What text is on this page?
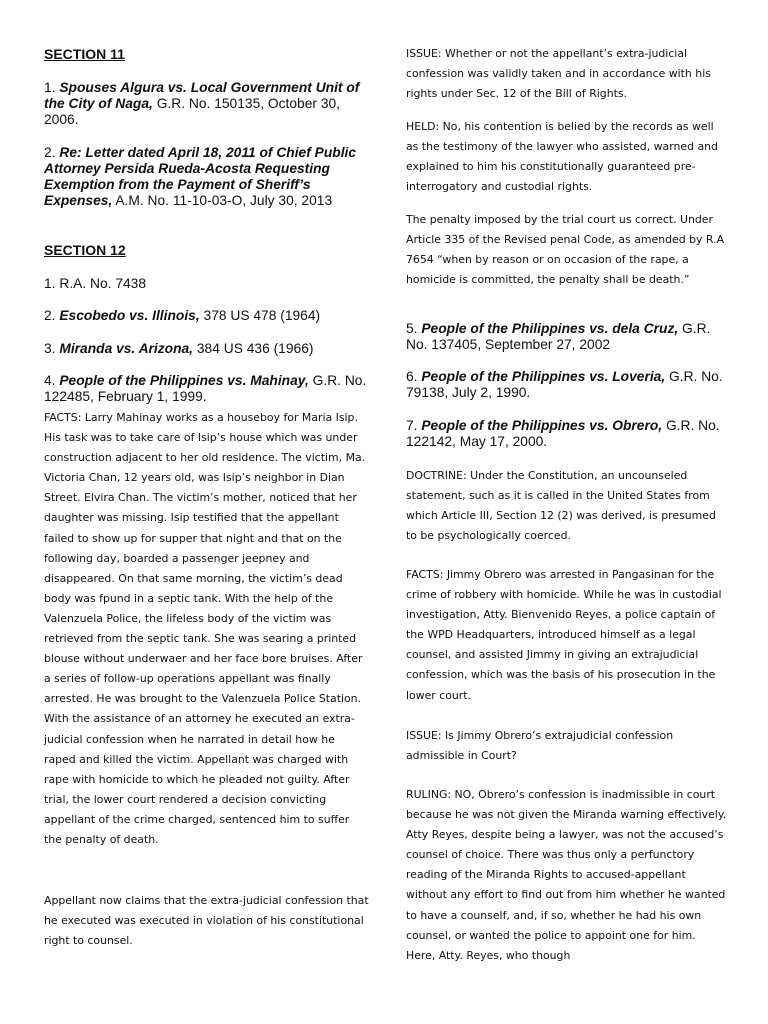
SECTION 11
1. Spouses Algura vs. Local Government Unit of the City of Naga, G.R. No. 150135, October 30, 2006.
2. Re: Letter dated April 18, 2011 of Chief Public Attorney Persida Rueda-Acosta Requesting Exemption from the Payment of Sheriff’s Expenses, A.M. No. 11-10-03-O, July 30, 2013
SECTION 12
1. R.A. No. 7438
2. Escobedo vs. Illinois, 378 US 478 (1964)
3. Miranda vs. Arizona, 384 US 436 (1966)
4. People of the Philippines vs. Mahinay, G.R. No. 122485, February 1, 1999.

FACTS: Larry Mahinay works as a houseboy for Maria Isip. His task was to take care of Isip’s house which was under construction adjacent to her old residence. The victim, Ma. Victoria Chan, 12 years old, was Isip’s neighbor in Dian Street. Elvira Chan. The victim’s mother, noticed that her daughter was missing. Isip testified that the appellant failed to show up for supper that night and that on the following day, boarded a passenger jeepney and disappeared. On that same morning, the victim’s dead body was fpund in a septic tank. With the help of the Valenzuela Police, the lifeless body of the victim was retrieved from the septic tank. She was searing a printed blouse without underwaer and her face bore bruises. After a series of follow-up operations appellant was finally arrested. He was brought to the Valenzuela Police Station. With the assistance of an attorney he executed an extra-judicial confession when he narrated in detail how he raped and killed the victim. Appellant was charged with rape with homicide to which he pleaded not guilty. After trial, the lower court rendered a decision convicting appellant of the crime charged, sentenced him to suffer the penalty of death.

Appellant now claims that the extra-judicial confession that he executed was executed in violation of his constitutional right to counsel.

ISSUE: Whether or not the appellant’s extra-judicial confession was validly taken and in accordance with his rights under Sec. 12 of the Bill of Rights.

HELD: No, his contention is belied by the records as well as the testimony of the lawyer who assisted, warned and explained to him his constitutionally guaranteed pre-interrogatory and custodial rights.

The penalty imposed by the trial court us correct. Under Article 335 of the Revised penal Code, as amended by R.A 7654 “when by reason or on occasion of the rape, a homicide is committed, the penalty shall be death.”

5. People of the Philippines vs. dela Cruz, G.R. No. 137405, September 27, 2002
6. People of the Philippines vs. Loveria, G.R. No. 79138, July 2, 1990.
7. People of the Philippines vs. Obrero, G.R. No. 122142, May 17, 2000.

DOCTRINE: Under the Constitution, an uncounseled statement, such as it is called in the United States from which Article III, Section 12 (2) was derived, is presumed to be psychologically coerced.

FACTS: Jimmy Obrero was arrested in Pangasinan for the crime of robbery with homicide. While he was in custodial investigation, Atty. Bienvenido Reyes, a police captain of the WPD Headquarters, introduced himself as a legal counsel, and assisted Jimmy in giving an extrajudicial confession, which was the basis of his prosecution in the lower court.

ISSUE: Is Jimmy Obrero’s extrajudicial confession admissible in Court?

RULING: NO, Obrero’s confession is inadmissible in court because he was not given the Miranda warning effectively. Atty Reyes, despite being a lawyer, was not the accused’s counsel of choice. There was thus only a perfunctory reading of the Miranda Rights to accused-appellant without any effort to find out from him whether he wanted to have a counself, and, if so, whether he had his own counsel, or wanted the police to appoint one for him. Here, Atty. Reyes, who though
